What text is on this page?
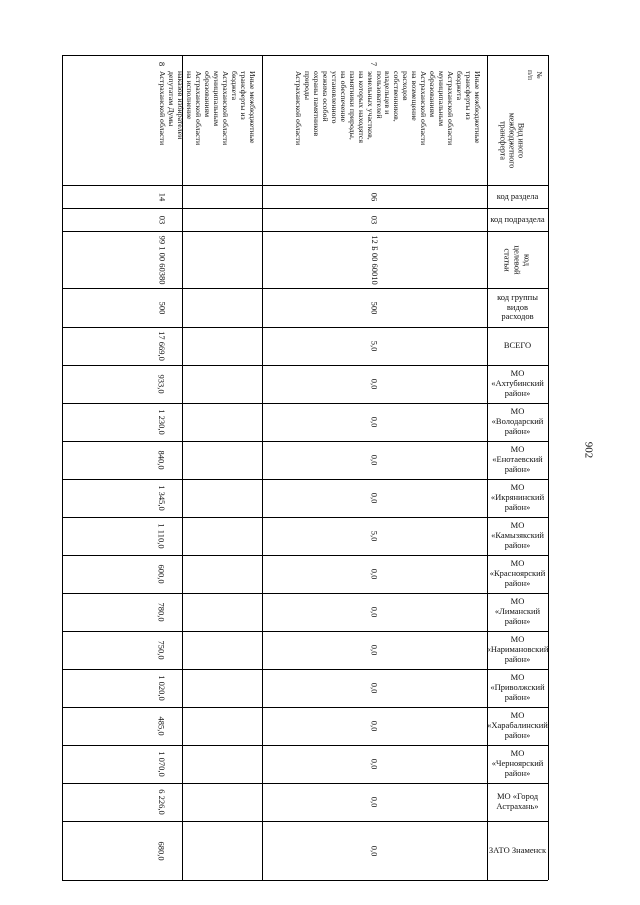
902
ВСЕГО
код раздела
код подраздела
код группы видов
расходов
№
п/п
Вид иного
межбюджетного
трансферта
код
целевой
статьи
МО «Ахтубинский
район»
МО «Володарский
район»
МО «Енотаевский
район»
МО «Икрянинский
район»
МО «Камызякский
район»
МО «Красноярский
район»
МО «Лиманский
район»
МО «Наримановский
район»
МО «Приволжский
район»
МО «Харабалинский
район»
МО «Черноярский
район»
МО «Город Астрахань»
ЗАТО Знаменск
7
Иные межбюджетные
трансферты из
бюджета
Астраханской области
муниципальным
образованиям
Астраханской области
на возмещение
расходов
собственников,
владельцев и
пользователей
земельных участков,
на которых находятся
памятники природы,
на обеспечение
установленного
режима особой
охраны памятников
природы
Астраханской области
06
03
12 Б 00 60010
500
5,0
0,0
0,0
0,0
0,0
5,0
0,0
0,0
0,0
0,0
0,0
0,0
0,0
0,0
8
Иные межбюджетные
трансферты из
бюджета
Астраханской области
муниципальным
образованиям
Астраханской области
на исполнение
наказов избирателей
депутатам Думы
Астраханской области
14
03
99 1 00 60380
500
17 669,0
933,0
1 230,0
840,0
1 345,0
1 110,0
600,0
780,0
750,0
1 020,0
485,0
1 070,0
6 226,0
680,0
